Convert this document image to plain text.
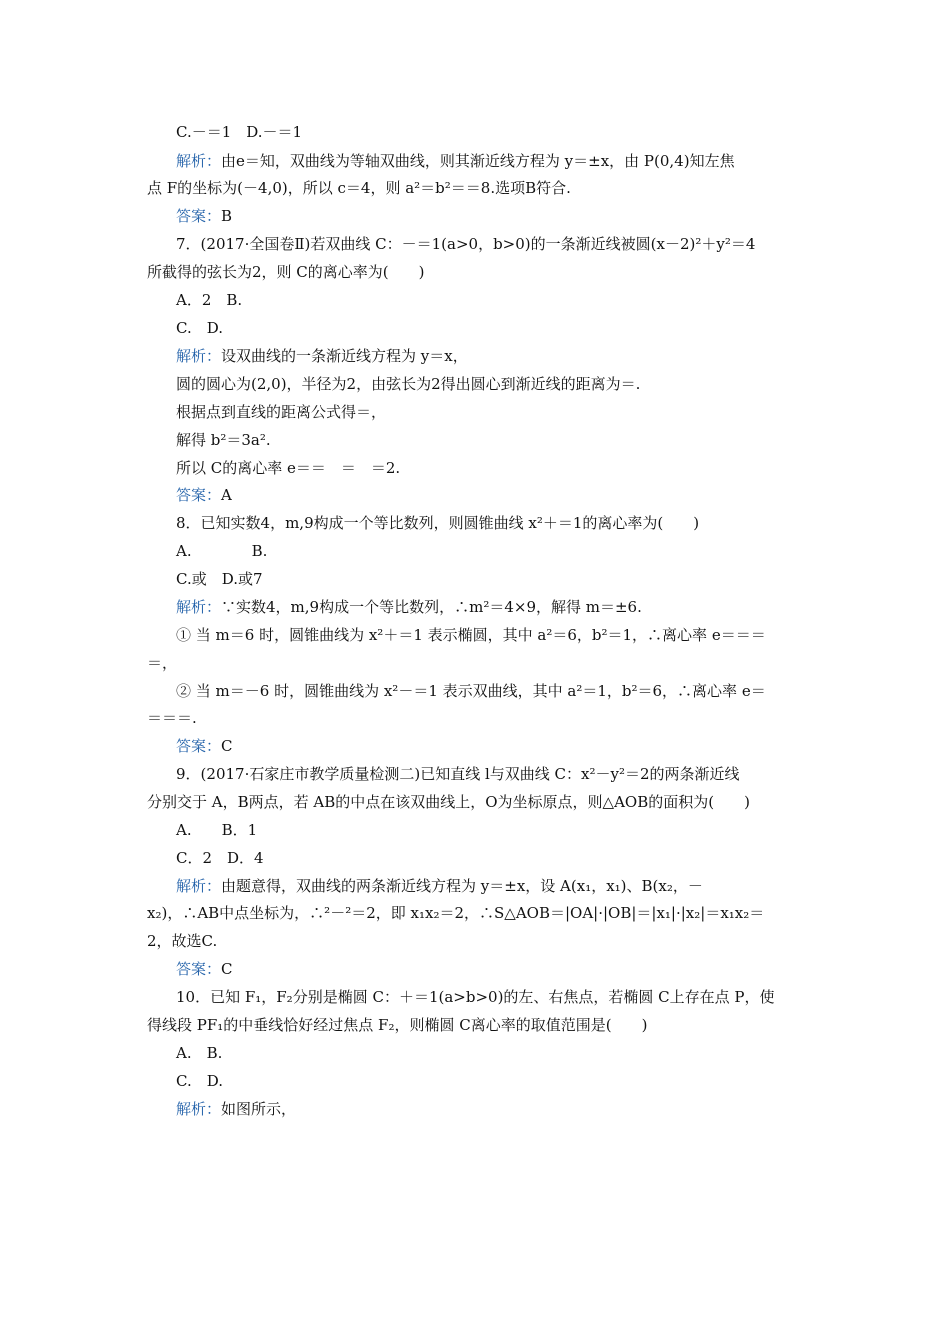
C.－＝1　D.－＝1
解析：由e＝知，双曲线为等轴双曲线，则其渐近线方程为 y＝±x，由 P(0,4)知左焦
点 F的坐标为(－4,0)，所以 c＝4，则 a²＝b²＝＝8.选项B符合.
答案：B
7．(2017·全国卷Ⅱ)若双曲线 C：－＝1(a>0，b>0)的一条渐近线被圆(x－2)²＋y²＝4
所截得的弦长为2，则 C的离心率为(　　)
A．2　B.
C.　D.
解析：设双曲线的一条渐近线方程为 y＝x，
圆的圆心为(2,0)，半径为2，由弦长为2得出圆心到渐近线的距离为＝.
根据点到直线的距离公式得＝，
解得 b²＝3a².
所以 C的离心率 e＝＝　＝　＝2.
答案：A
8．已知实数4，m,9构成一个等比数列，则圆锥曲线 x²＋＝1的离心率为(　　)
A.　　　　B.
C.或　D.或7
解析：∵实数4，m,9构成一个等比数列，∴m²＝4×9，解得 m＝±6.
① 当 m＝6 时，圆锥曲线为 x²＋＝1 表示椭圆，其中 a²＝6，b²＝1，∴离心率 e＝＝＝
＝，
② 当 m＝－6 时，圆锥曲线为 x²－＝1 表示双曲线，其中 a²＝1，b²＝6，∴离心率 e＝
＝＝＝.
答案：C
9．(2017·石家庄市教学质量检测二)已知直线 l与双曲线 C：x²－y²＝2的两条渐近线
分别交于 A，B两点，若 AB的中点在该双曲线上，O为坐标原点，则△AOB的面积为(　　)
A.　　B．1
C．2　D．4
解析：由题意得，双曲线的两条渐近线方程为 y＝±x，设 A(x₁，x₁)、B(x₂，－
x₂)，∴AB中点坐标为，∴²－²＝2，即 x₁x₂＝2，∴S△AOB＝|OA|·|OB|＝|x₁|·|x₂|＝x₁x₂＝
2，故选C.
答案：C
10．已知 F₁，F₂分别是椭圆 C：＋＝1(a>b>0)的左、右焦点，若椭圆 C上存在点 P，使
得线段 PF₁的中垂线恰好经过焦点 F₂，则椭圆 C离心率的取值范围是(　　)
A.　B.
C.　D.
解析：如图所示，
